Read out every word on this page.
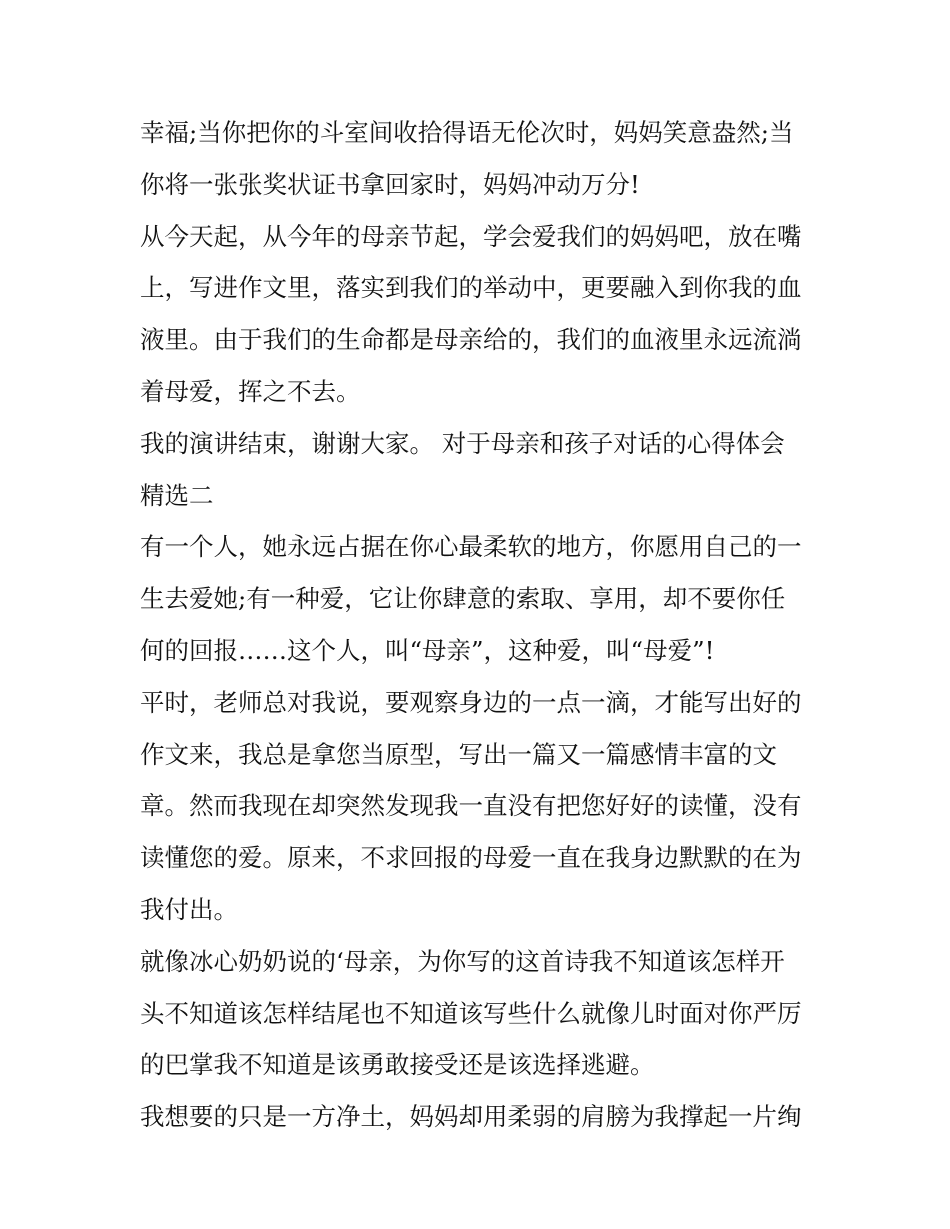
幸福;当你把你的斗室间收拾得语无伦次时，妈妈笑意盎然;当
你将一张张奖状证书拿回家时，妈妈冲动万分!
从今天起，从今年的母亲节起，学会爱我们的妈妈吧，放在嘴
上，写进作文里，落实到我们的举动中，更要融入到你我的血
液里。由于我们的生命都是母亲给的，我们的血液里永远流淌
着母爱，挥之不去。
我的演讲结束，谢谢大家。 对于母亲和孩子对话的心得体会
精选二
有一个人，她永远占据在你心最柔软的地方，你愿用自己的一
生去爱她;有一种爱，它让你肆意的索取、享用，却不要你任
何的回报……这个人，叫“母亲”，这种爱，叫“母爱”!
平时，老师总对我说，要观察身边的一点一滴，才能写出好的
作文来，我总是拿您当原型，写出一篇又一篇感情丰富的文
章。然而我现在却突然发现我一直没有把您好好的读懂，没有
读懂您的爱。原来，不求回报的母爱一直在我身边默默的在为
我付出。
就像冰心奶奶说的‘母亲，为你写的这首诗我不知道该怎样开
头不知道该怎样结尾也不知道该写些什么就像儿时面对你严厉
的巴掌我不知道是该勇敢接受还是该选择逃避。
我想要的只是一方净土，妈妈却用柔弱的肩膀为我撑起一片绚
